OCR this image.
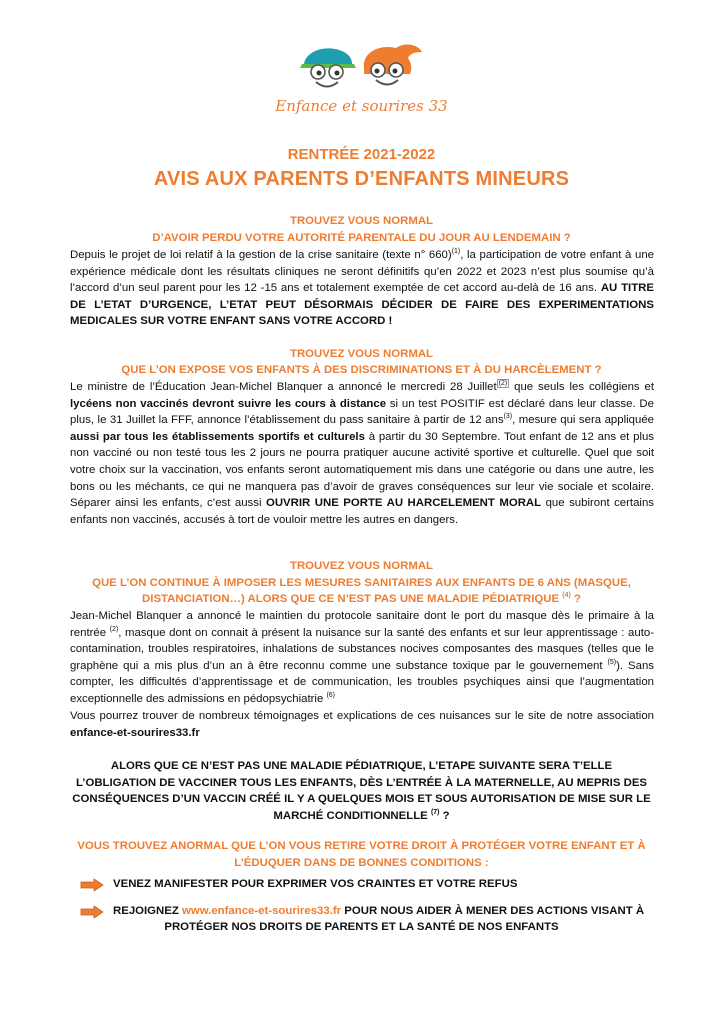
Enfance et sourires 33
RENTRÉE 2021-2022
AVIS AUX PARENTS D’ENFANTS MINEURS
TROUVEZ VOUS NORMAL
D’AVOIR PERDU VOTRE AUTORITÉ PARENTALE DU JOUR AU LENDEMAIN ?
Depuis le projet de loi relatif à la gestion de la crise sanitaire (texte n° 660)$^{(1)}$, la participation de votre enfant à une expérience médicale dont les résultats cliniques ne seront définitifs qu’en 2022 et 2023 n’est plus soumise qu’à l’accord d’un seul parent pour les 12 -15 ans et totalement exemptée de cet accord au-delà de 16 ans. AU TITRE DE L’ETAT D’URGENCE, L’ETAT PEUT DÉSORMAIS DÉCIDER DE FAIRE DES EXPERIMENTATIONS MEDICALES SUR VOTRE ENFANT SANS VOTRE ACCORD !
TROUVEZ VOUS NORMAL
QUE L’ON EXPOSE VOS ENFANTS À DES DISCRIMINATIONS ET À DU HARCÈLEMENT ?
Le ministre de l’Éducation Jean-Michel Blanquer a annoncé le mercredi 28 Juillet $^{(2)}$ que seuls les collégiens et lycéens non vaccinés devront suivre les cours à distance si un test POSITIF est déclaré dans leur classe. De plus, le 31 Juillet la FFF, annonce l’établissement du pass sanitaire à partir de 12 ans$^{(3)}$, mesure qui sera appliquée aussi par tous les établissements sportifs et culturels à partir du 30 Septembre. Tout enfant de 12 ans et plus non vacciné ou non testé tous les 2 jours ne pourra pratiquer aucune activité sportive et culturelle. Quel que soit votre choix sur la vaccination, vos enfants seront automatiquement mis dans une catégorie ou dans une autre, les bons ou les méchants, ce qui ne manquera pas d’avoir de graves conséquences sur leur vie sociale et scolaire. Séparer ainsi les enfants, c’est aussi OUVRIR UNE PORTE AU HARCELEMENT MORAL que subiront certains enfants non vaccinés, accusés à tort de vouloir mettre les autres en dangers.
TROUVEZ VOUS NORMAL
QUE L’ON CONTINUE À IMPOSER LES MESURES SANITAIRES AUX ENFANTS DE 6 ANS (MASQUE,
DISTANCIATION…) ALORS QUE CE N’EST PAS UNE MALADIE PÉDIATRIQUE $^{(4)}$ ?
Jean-Michel Blanquer a annoncé le maintien du protocole sanitaire dont le port du masque dès le primaire à la rentrée $^{(2)}$, masque dont on connait à présent la nuisance sur la santé des enfants et sur leur apprentissage : auto-contamination, troubles respiratoires, inhalations de substances nocives composantes des masques (telles que le graphène qui a mis plus d’un an à être reconnu comme une substance toxique par le gouvernement $^{(5)}$). Sans compter, les difficultés d’apprentissage et de communication, les troubles psychiques ainsi que l’augmentation exceptionnelle des admissions en pédopsychiatrie $^{(6)}$
Vous pourrez trouver de nombreux témoignages et explications de ces nuisances sur le site de notre association enfance-et-sourires33.fr
ALORS QUE CE N’EST PAS UNE MALADIE PÉDIATRIQUE, L’ETAPE SUIVANTE SERA T’ELLE L’OBLIGATION DE VACCINER TOUS LES ENFANTS, DÈS L’ENTRÉE À LA MATERNELLE, AU MEPRIS DES CONSÉQUENCES D’UN VACCIN CRÉÉ IL Y A QUELQUES MOIS ET SOUS AUTORISATION DE MISE SUR LE MARCHÉ CONDITIONNELLE $^{(7)}$ ?
VOUS TROUVEZ ANORMAL QUE L’ON VOUS RETIRE VOTRE DROIT À PROTÉGER VOTRE ENFANT ET À
L’ÉDUQUER DANS DE BONNES CONDITIONS :
VENEZ MANIFESTER POUR EXPRIMER VOS CRAINTES ET VOTRE REFUS
REJOIGNEZ www.enfance-et-sourires33.fr POUR NOUS AIDER À MENER DES ACTIONS VISANT À
PROTÉGER NOS DROITS DE PARENTS ET LA SANTÉ DE NOS ENFANTS
